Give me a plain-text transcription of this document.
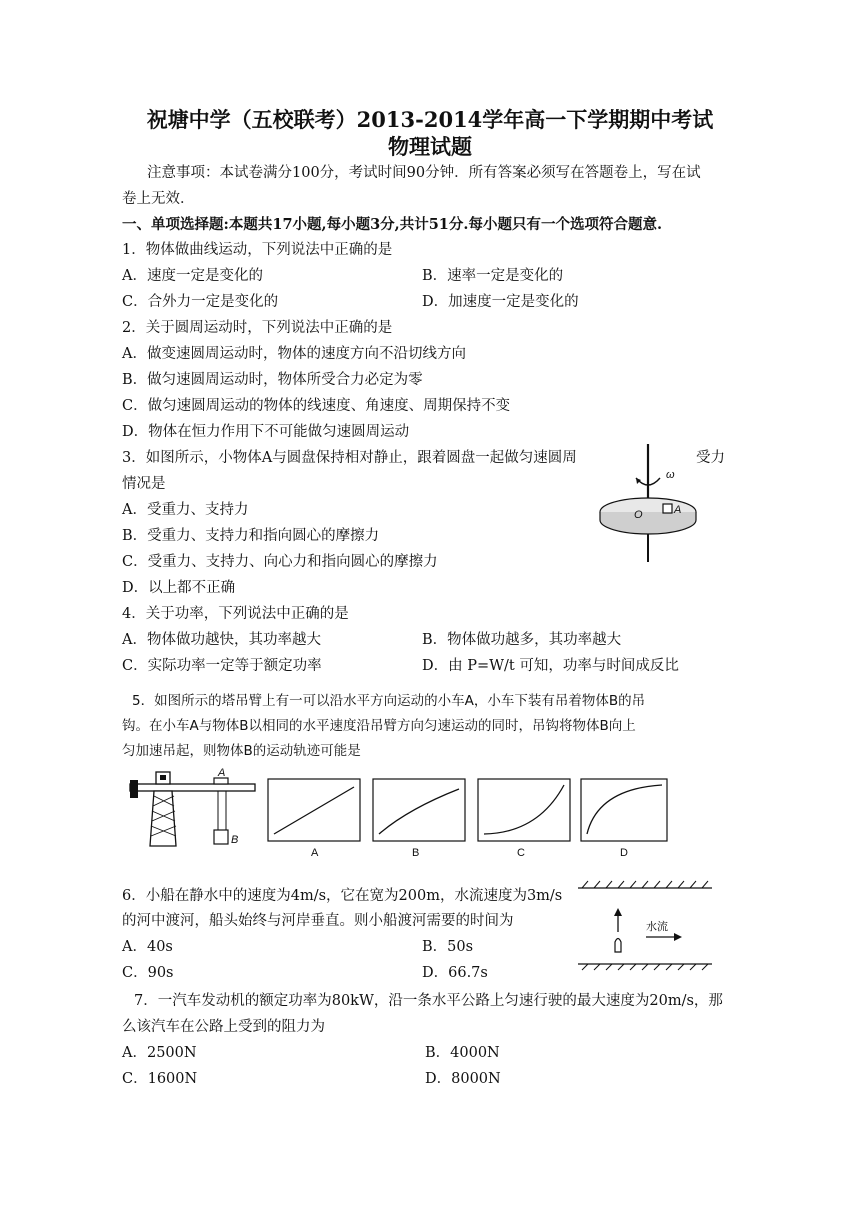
祝塘中学（五校联考）2013-2014学年高一下学期期中考试
物理试题
注意事项：本试卷满分100分，考试时间90分钟．所有答案必须写在答题卷上，写在试
卷上无效．
一、单项选择题:本题共17小题,每小题3分,共计51分.每小题只有一个选项符合题意.
1．物体做曲线运动，下列说法中正确的是
A．速度一定是变化的	B．速率一定是变化的
C．合外力一定是变化的	D．加速度一定是变化的
2．关于圆周运动时，下列说法中正确的是
A．做变速圆周运动时，物体的速度方向不沿切线方向
B．做匀速圆周运动时，物体所受合力必定为零
C．做匀速圆周运动的物体的线速度、角速度、周期保持不变
D．物体在恒力作用下不可能做匀速圆周运动
3．如图所示，小物体A与圆盘保持相对静止，跟着圆盘一起做匀速圆周	受力
情况是
A．受重力、支持力
B．受重力、支持力和指向圆心的摩擦力
C．受重力、支持力、向心力和指向圆心的摩擦力
D．以上都不正确
ω
A
O
4．关于功率，下列说法中正确的是
A．物体做功越快，其功率越大	B．物体做功越多，其功率越大
C．实际功率一定等于额定功率	D．由 P=W/t 可知，功率与时间成反比
5．如图所示的塔吊臂上有一可以沿水平方向运动的小车A，小车下装有吊着物体B的吊
钩。在小车A与物体B以相同的水平速度沿吊臂方向匀速运动的同时，吊钩将物体B向上
匀加速吊起，则物体B的运动轨迹可能是
A
B
A	B	C	D
6．小船在静水中的速度为4m/s，它在宽为200m，水流速度为3m/s
的河中渡河，船头始终与河岸垂直。则小船渡河需要的时间为
A．40s	B．50s
C．90s	D．66.7s
水流
7．一汽车发动机的额定功率为80kW，沿一条水平公路上匀速行驶的最大速度为20m/s，那
么该汽车在公路上受到的阻力为
A．2500N	B．4000N
C．1600N	D．8000N
